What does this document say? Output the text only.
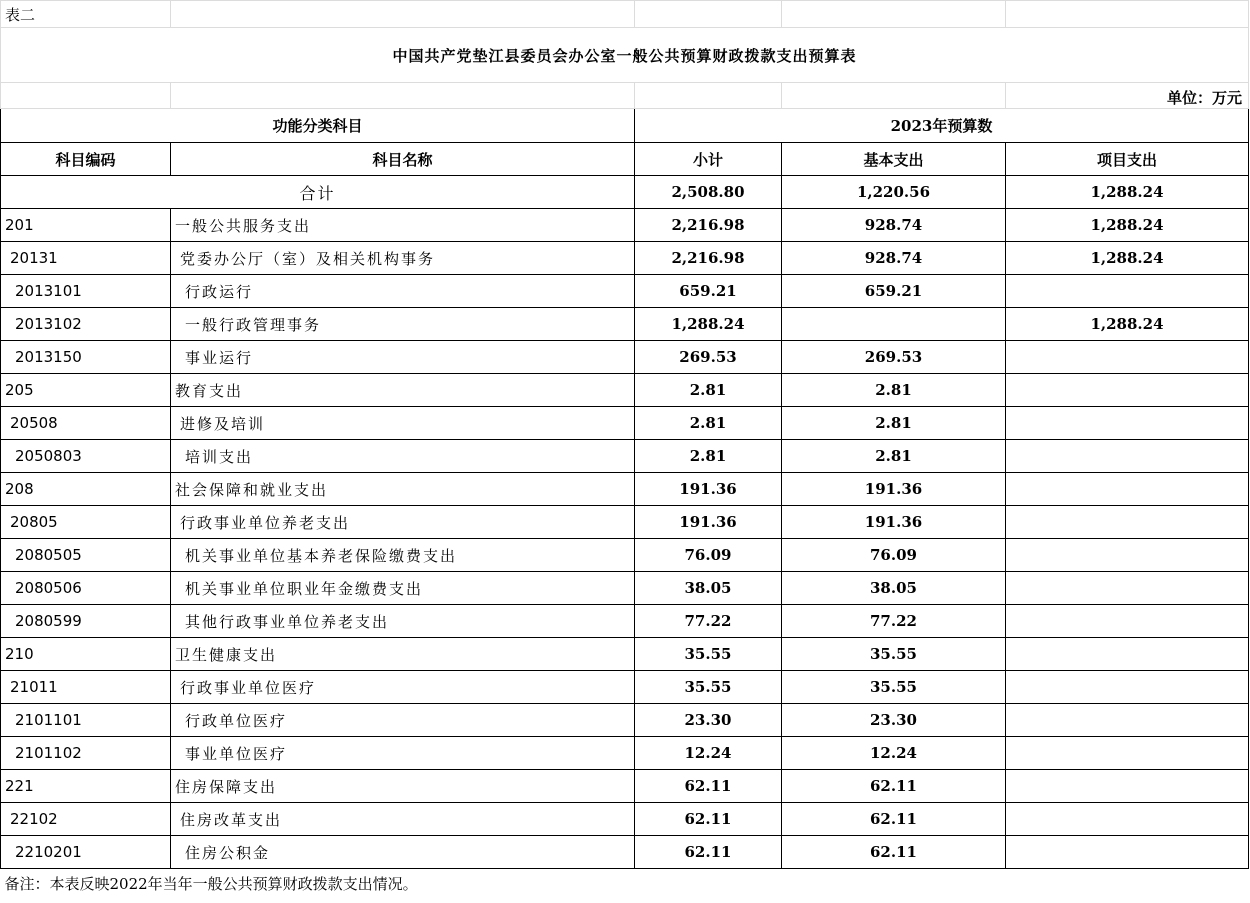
表二				
中国共产党垫江县委员会办公室一般公共预算财政拨款支出预算表				
				单位：万元
功能分类科目		2023年预算数		
科目编码	科目名称	小计	基本支出	项目支出
合计		2,508.80	1,220.56	1,288.24
201	一般公共服务支出	2,216.98	928.74	1,288.24
20131	党委办公厅（室）及相关机构事务	2,216.98	928.74	1,288.24
2013101	行政运行	659.21	659.21	
2013102	一般行政管理事务	1,288.24		1,288.24
2013150	事业运行	269.53	269.53	
205	教育支出	2.81	2.81	
20508	进修及培训	2.81	2.81	
2050803	培训支出	2.81	2.81	
208	社会保障和就业支出	191.36	191.36	
20805	行政事业单位养老支出	191.36	191.36	
2080505	机关事业单位基本养老保险缴费支出	76.09	76.09	
2080506	机关事业单位职业年金缴费支出	38.05	38.05	
2080599	其他行政事业单位养老支出	77.22	77.22	
210	卫生健康支出	35.55	35.55	
21011	行政事业单位医疗	35.55	35.55	
2101101	行政单位医疗	23.30	23.30	
2101102	事业单位医疗	12.24	12.24	
221	住房保障支出	62.11	62.11	
22102	住房改革支出	62.11	62.11	
2210201	住房公积金	62.11	62.11	
备注：本表反映2022年当年一般公共预算财政拨款支出情况。				
